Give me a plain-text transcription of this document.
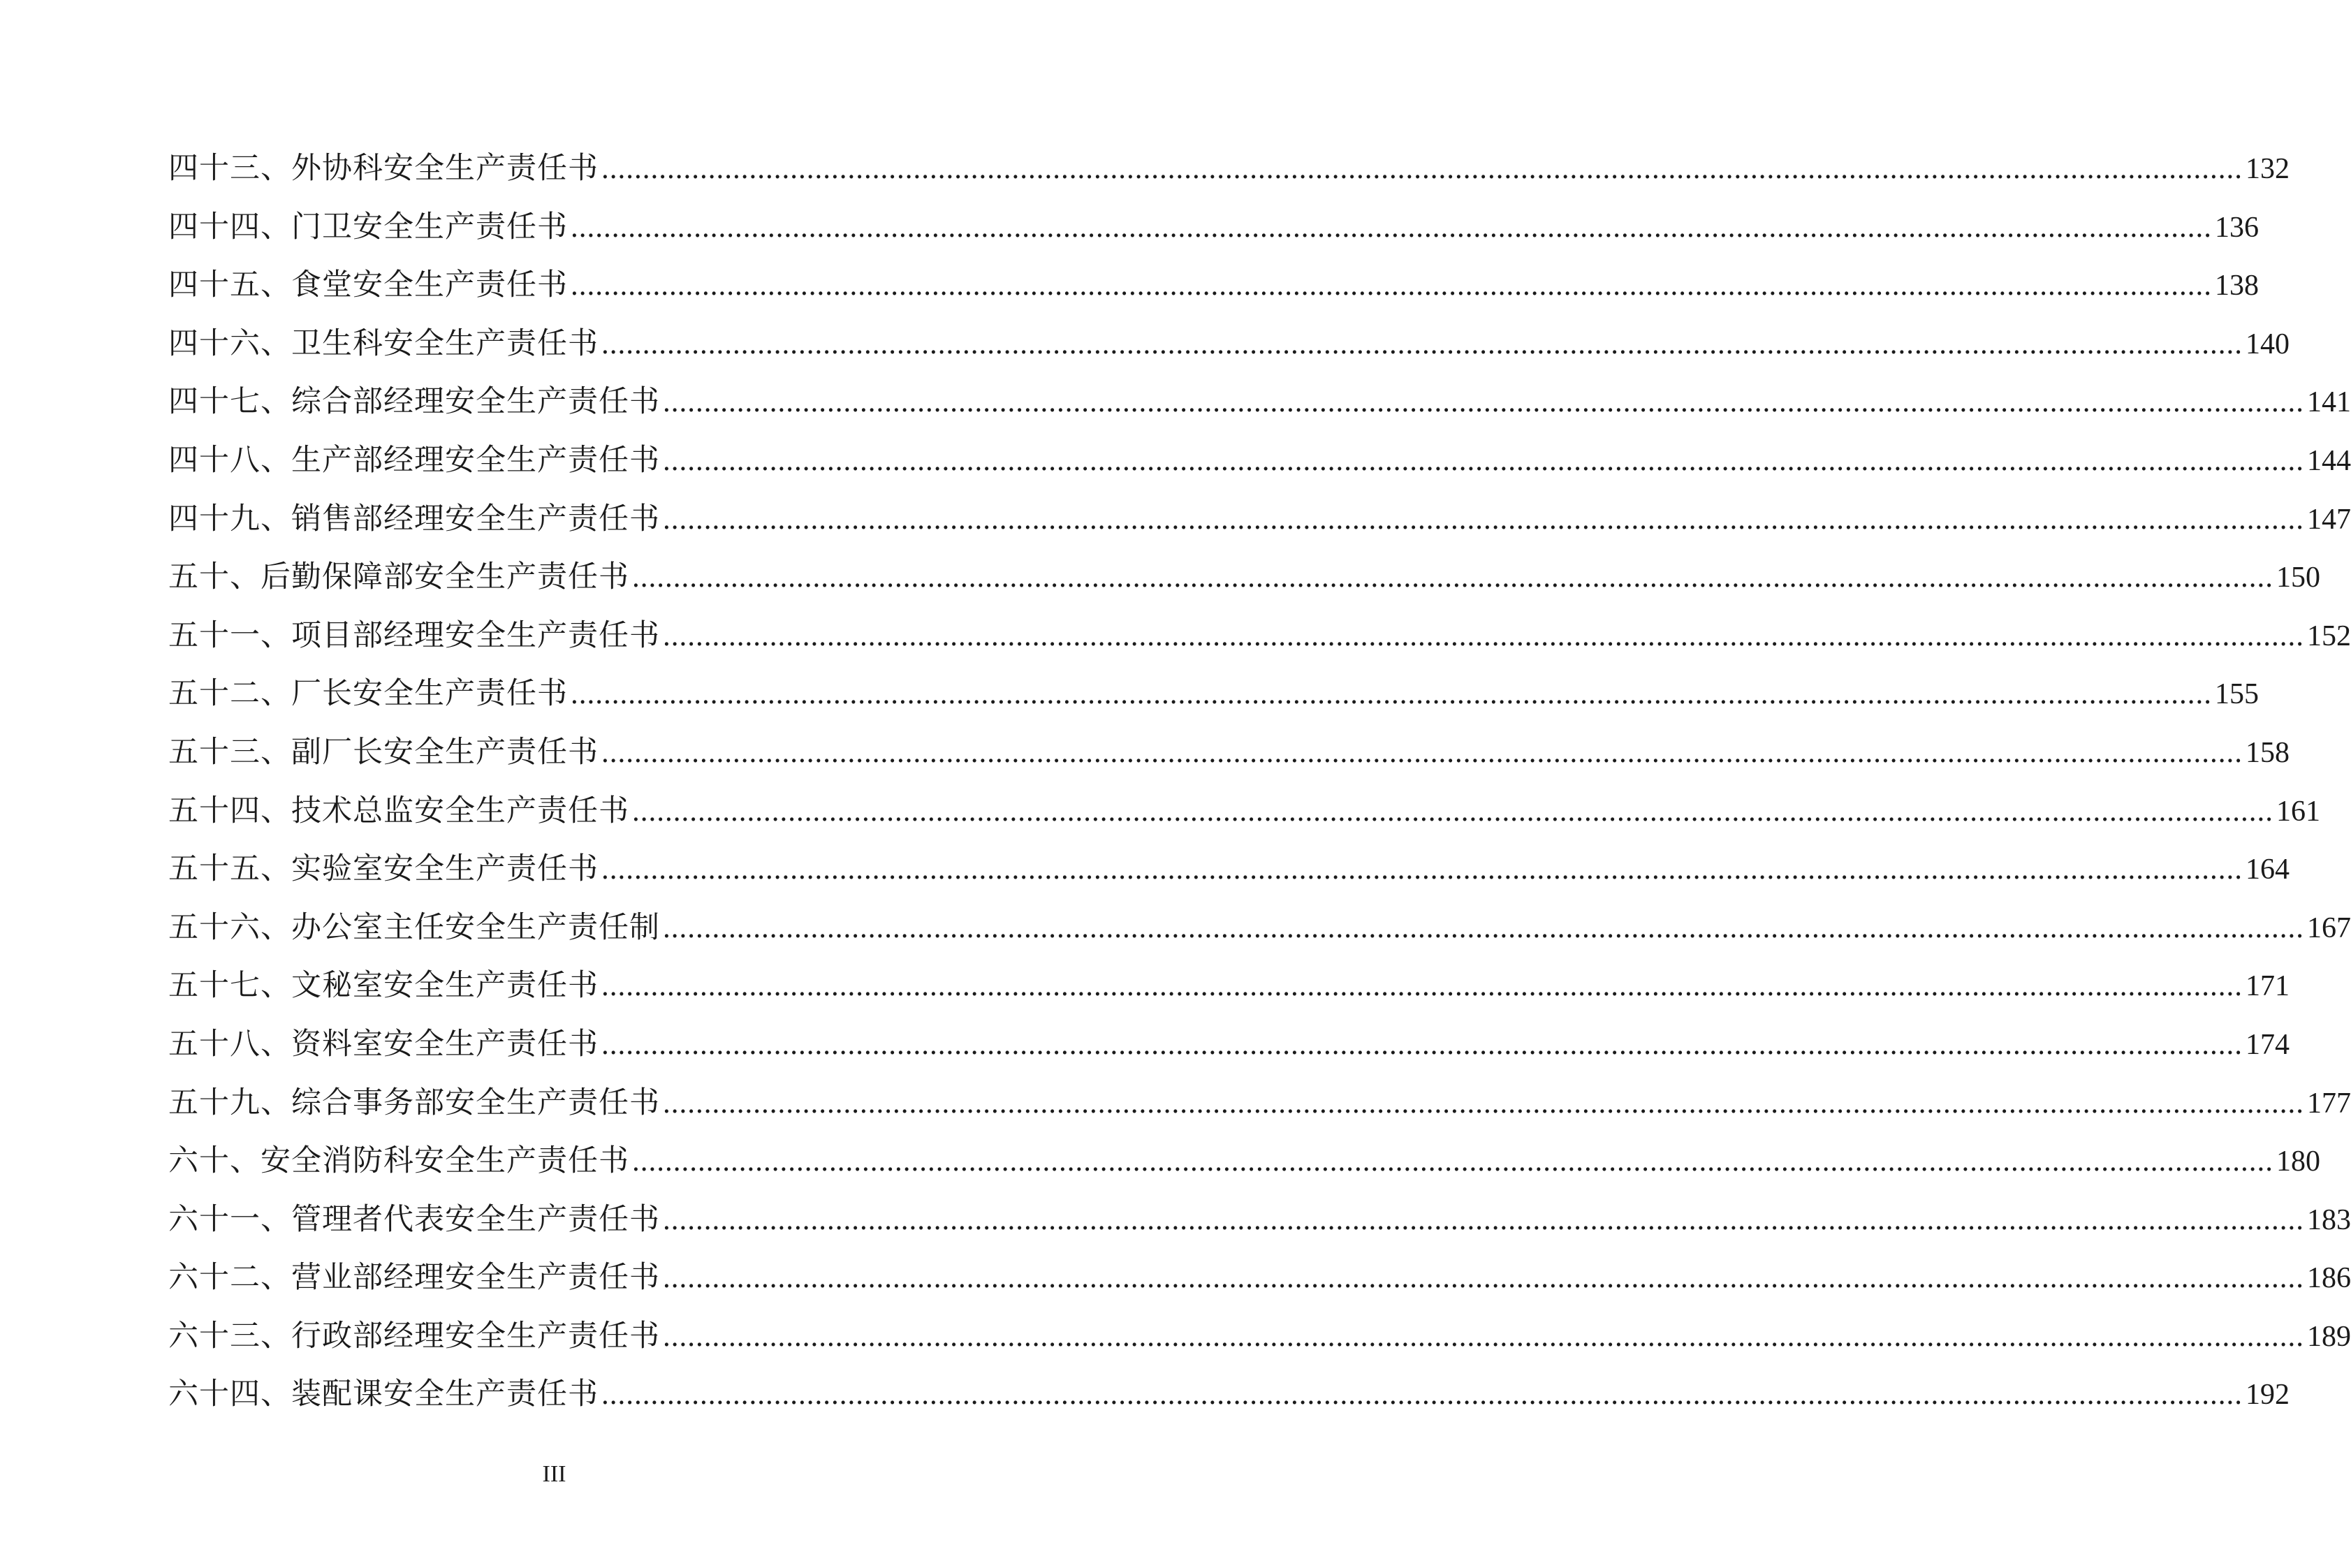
四十三、外协科安全生产责任书 ........................................................................................................................................................................................................ 132
四十四、门卫安全生产责任书 ........................................................................................................................................................................................................ 136
四十五、食堂安全生产责任书 ........................................................................................................................................................................................................ 138
四十六、卫生科安全生产责任书 ........................................................................................................................................................................................................ 140
四十七、综合部经理安全生产责任书 ........................................................................................................................................................................................................ 141
四十八、生产部经理安全生产责任书 ........................................................................................................................................................................................................ 144
四十九、销售部经理安全生产责任书 ........................................................................................................................................................................................................ 147
五十、后勤保障部安全生产责任书 ........................................................................................................................................................................................................ 150
五十一、项目部经理安全生产责任书 ........................................................................................................................................................................................................ 152
五十二、厂长安全生产责任书 ........................................................................................................................................................................................................ 155
五十三、副厂长安全生产责任书 ........................................................................................................................................................................................................ 158
五十四、技术总监安全生产责任书 ........................................................................................................................................................................................................ 161
五十五、实验室安全生产责任书 ........................................................................................................................................................................................................ 164
五十六、办公室主任安全生产责任制 ........................................................................................................................................................................................................ 167
五十七、文秘室安全生产责任书 ........................................................................................................................................................................................................ 171
五十八、资料室安全生产责任书 ........................................................................................................................................................................................................ 174
五十九、综合事务部安全生产责任书 ........................................................................................................................................................................................................ 177
六十、安全消防科安全生产责任书 ........................................................................................................................................................................................................ 180
六十一、管理者代表安全生产责任书 ........................................................................................................................................................................................................ 183
六十二、营业部经理安全生产责任书 ........................................................................................................................................................................................................ 186
六十三、行政部经理安全生产责任书 ........................................................................................................................................................................................................ 189
六十四、装配课安全生产责任书 ........................................................................................................................................................................................................ 192
III
